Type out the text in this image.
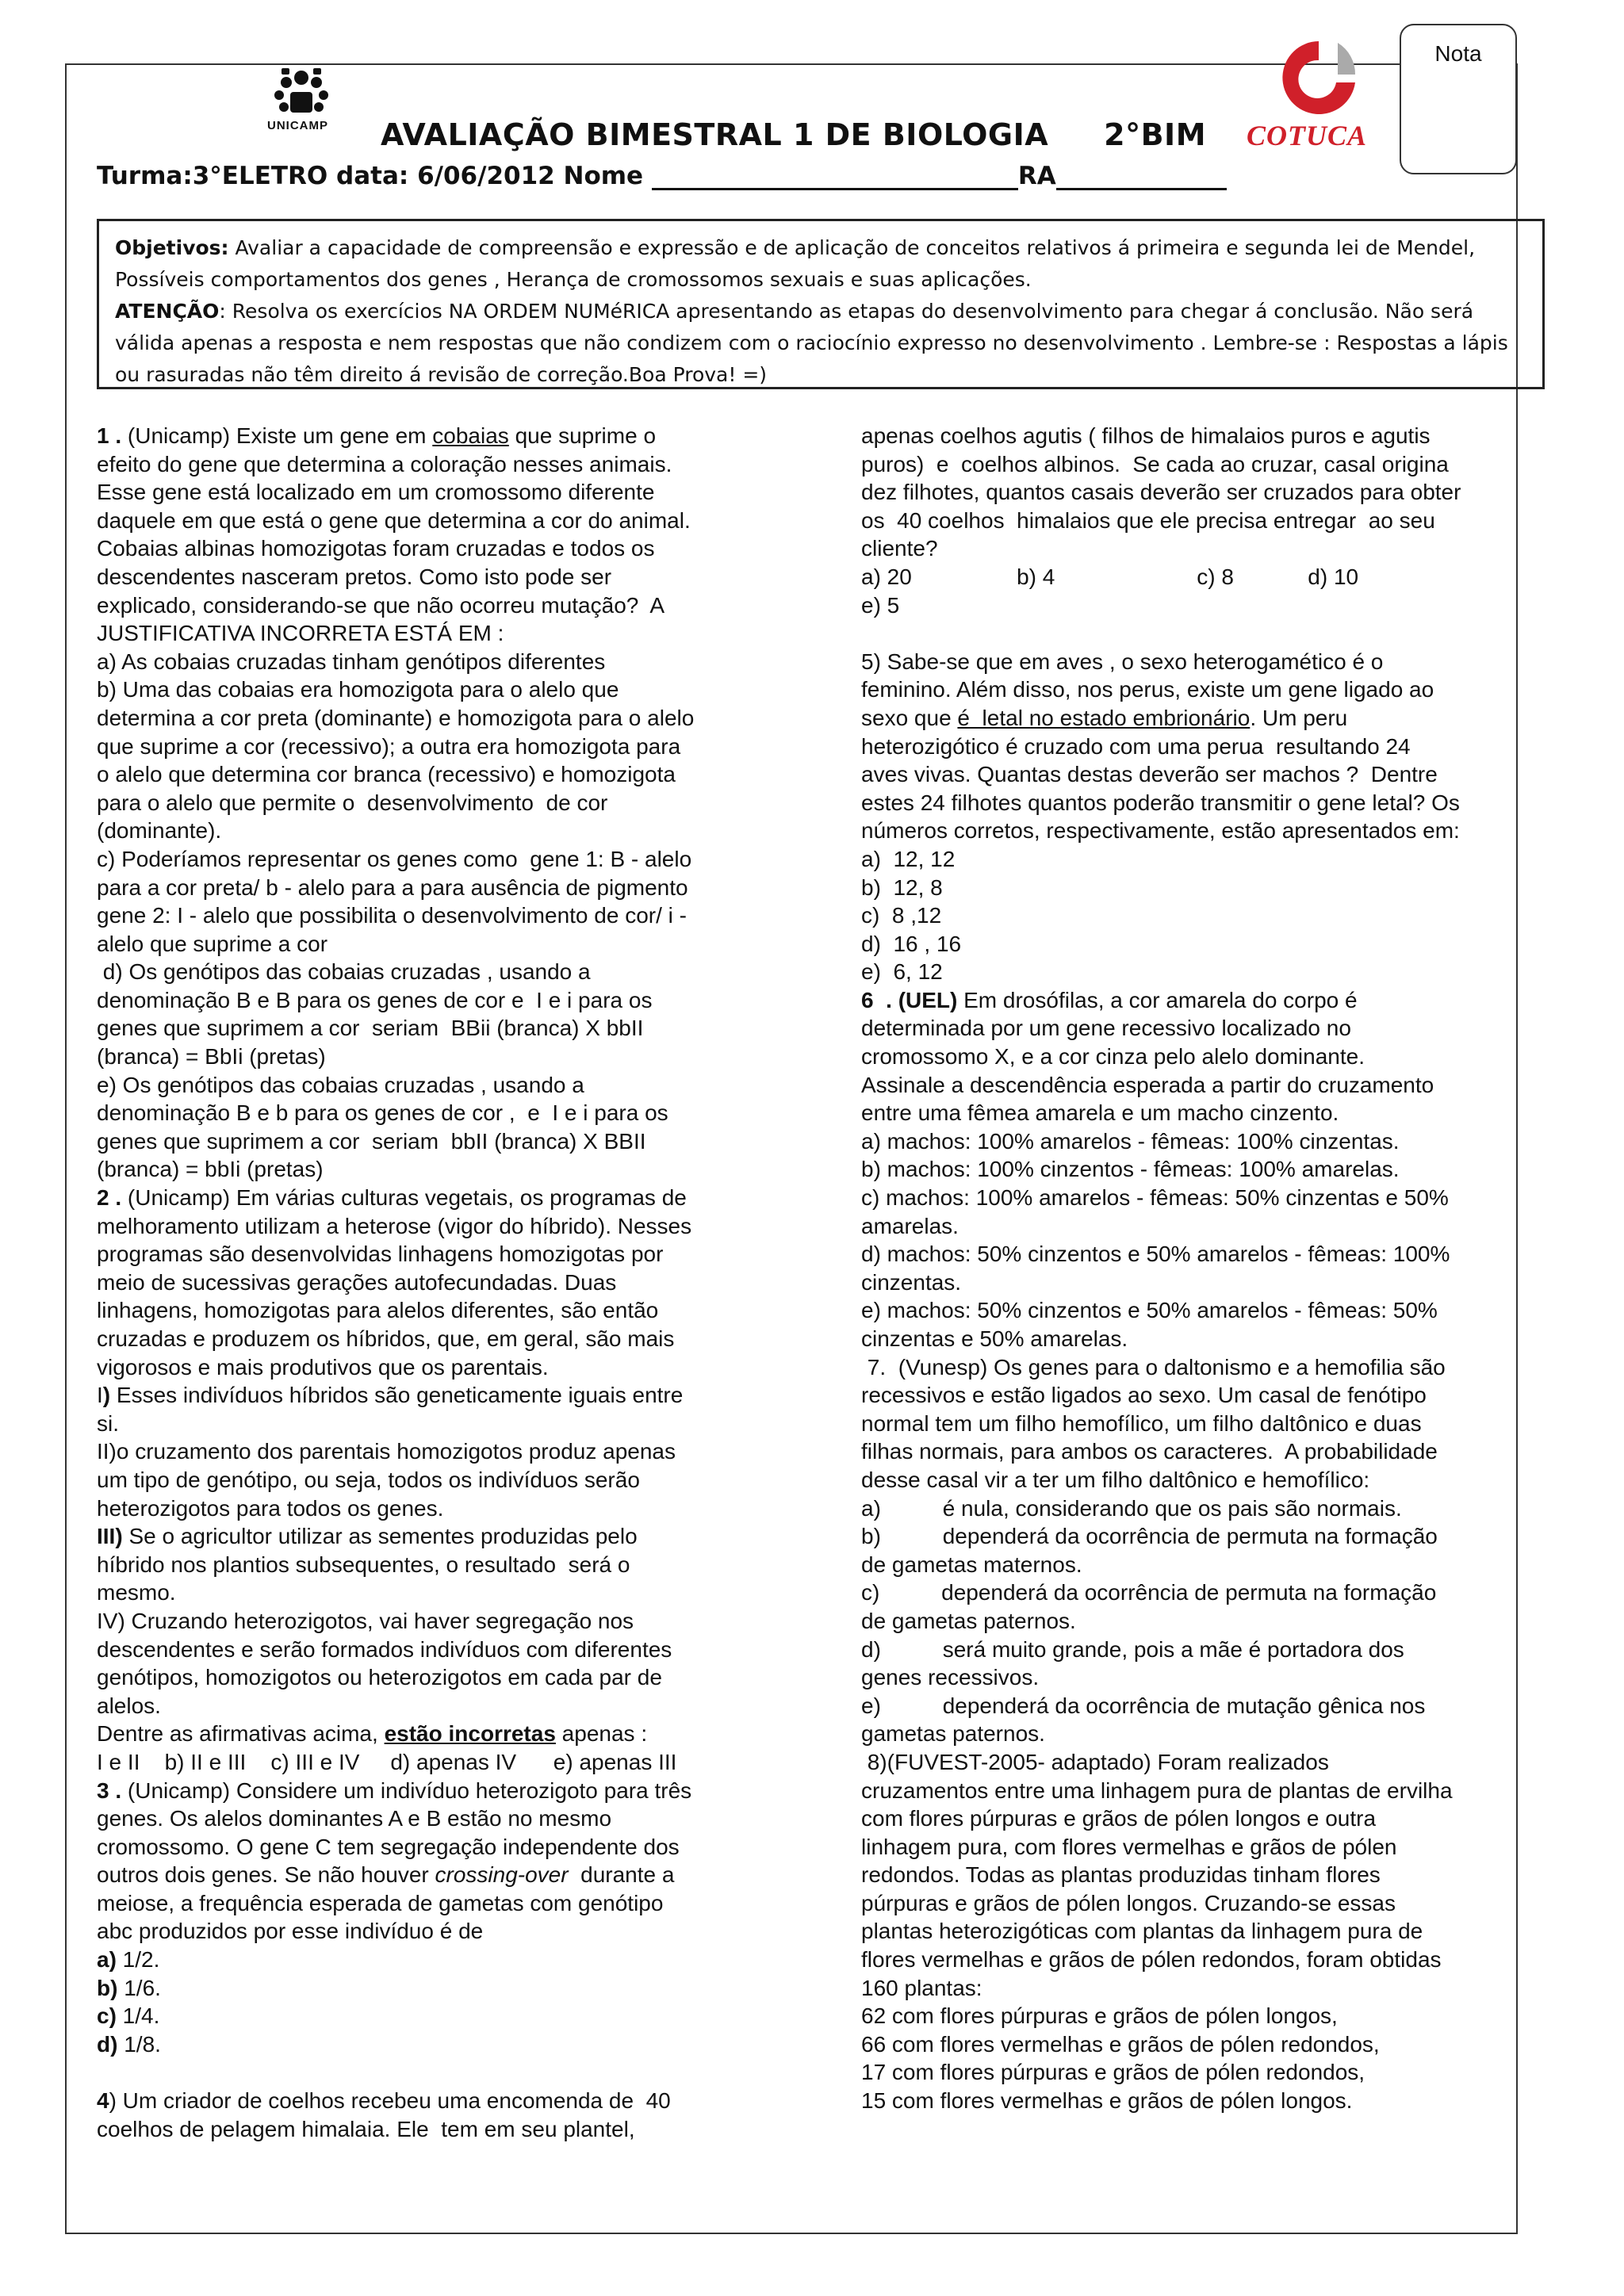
Nota
UNICAMP AVALIAÇÃO BIMESTRAL 1 DE BIOLOGIA 2°BIM COTUCA
Turma:3°ELETRO data: 6/06/2012 Nome	RA

Objetivos: Avaliar a capacidade de compreensão e expressão e de aplicação de conceitos relativos á primeira e segunda lei de Mendel,

Possíveis comportamentos dos genes , Herança de cromossomos sexuais e suas aplicações.

ATENÇÃO: Resolva os exercícios NA ORDEM NUMéRICA apresentando as etapas do desenvolvimento para chegar á conclusão. Não será

válida apenas a resposta e nem respostas que não condizem com o raciocínio expresso no desenvolvimento . Lembre-se : Respostas a lápis

ou rasuradas não têm direito á revisão de correção.Boa Prova! =)

1 . (Unicamp) Existe um gene em cobaias que suprime o

efeito do gene que determina a coloração nesses animais.

Esse gene está localizado em um cromossomo diferente

daquele em que está o gene que determina a cor do animal.

Cobaias albinas homozigotas foram cruzadas e todos os

descendentes nasceram pretos. Como isto pode ser

explicado, considerando-se que não ocorreu mutação?  A

JUSTIFICATIVA INCORRETA ESTÁ EM :

a) As cobaias cruzadas tinham genótipos diferentes

b) Uma das cobaias era homozigota para o alelo que

determina a cor preta (dominante) e homozigota para o alelo

que suprime a cor (recessivo); a outra era homozigota para

o alelo que determina cor branca (recessivo) e homozigota

para o alelo que permite o  desenvolvimento  de cor

(dominante).

c) Poderíamos representar os genes como  gene 1: B - alelo

para a cor preta/ b - alelo para a para ausência de pigmento

gene 2: I - alelo que possibilita o desenvolvimento de cor/ i -

alelo que suprime a cor

d) Os genótipos das cobaias cruzadas , usando a

denominação B e B para os genes de cor e  I e i para os

genes que suprimem a cor  seriam  BBii (branca) X bbII

(branca) = BbIi (pretas)

e) Os genótipos das cobaias cruzadas , usando a

denominação B e b para os genes de cor ,  e  I e i para os

genes que suprimem a cor  seriam  bbII (branca) X BBII

(branca) = bbIi (pretas)

2 . (Unicamp) Em várias culturas vegetais, os programas de

melhoramento utilizam a heterose (vigor do híbrido). Nesses

programas são desenvolvidas linhagens homozigotas por

meio de sucessivas gerações autofecundadas. Duas

linhagens, homozigotas para alelos diferentes, são então

cruzadas e produzem os híbridos, que, em geral, são mais

vigorosos e mais produtivos que os parentais.

I) Esses indivíduos híbridos são geneticamente iguais entre

si.

II)o cruzamento dos parentais homozigotos produz apenas

um tipo de genótipo, ou seja, todos os indivíduos serão

heterozigotos para todos os genes.

III) Se o agricultor utilizar as sementes produzidas pelo

híbrido nos plantios subsequentes, o resultado  será o

mesmo.

IV) Cruzando heterozigotos, vai haver segregação nos

descendentes e serão formados indivíduos com diferentes

genótipos, homozigotos ou heterozigotos em cada par de

alelos.

Dentre as afirmativas acima, estão incorretas apenas :

I e II    b) II e III    c) III e IV     d) apenas IV      e) apenas III

3 . (Unicamp) Considere um indivíduo heterozigoto para três

genes. Os alelos dominantes A e B estão no mesmo

cromossomo. O gene C tem segregação independente dos

outros dois genes. Se não houver crossing-over  durante a

meiose, a frequência esperada de gametas com genótipo

abc produzidos por esse indivíduo é de

a) 1/2.

b) 1/6.

c) 1/4.

d) 1/8.

4) Um criador de coelhos recebeu uma encomenda de  40

coelhos de pelagem himalaia. Ele  tem em seu plantel,

apenas coelhos agutis ( filhos de himalaios puros e agutis

puros)  e  coelhos albinos.  Se cada ao cruzar, casal origina

dez filhotes, quantos casais deverão ser cruzados para obter

os  40 coelhos  himalaios que ele precisa entregar  ao seu

cliente?

a) 20                 b) 4                       c) 8            d) 10

e) 5

5) Sabe-se que em aves , o sexo heterogamético é o

feminino. Além disso, nos perus, existe um gene ligado ao

sexo que é  letal no estado embrionário. Um peru

heterozigótico é cruzado com uma perua  resultando 24

aves vivas. Quantas destas deverão ser machos ?  Dentre

estes 24 filhotes quantos poderão transmitir o gene letal? Os

números corretos, respectivamente, estão apresentados em:

a)  12, 12

b)  12, 8

c)  8 ,12

d)  16 , 16

e)  6, 12

6  . (UEL) Em drosófilas, a cor amarela do corpo é

determinada por um gene recessivo localizado no

cromossomo X, e a cor cinza pelo alelo dominante.

Assinale a descendência esperada a partir do cruzamento

entre uma fêmea amarela e um macho cinzento.

a) machos: 100% amarelos - fêmeas: 100% cinzentas.

b) machos: 100% cinzentos - fêmeas: 100% amarelas.

c) machos: 100% amarelos - fêmeas: 50% cinzentas e 50%

amarelas.

d) machos: 50% cinzentos e 50% amarelos - fêmeas: 100%

cinzentas.

e) machos: 50% cinzentos e 50% amarelos - fêmeas: 50%

cinzentas e 50% amarelas.

7.  (Vunesp) Os genes para o daltonismo e a hemofilia são

recessivos e estão ligados ao sexo. Um casal de fenótipo

normal tem um filho hemofílico, um filho daltônico e duas

filhas normais, para ambos os caracteres.  A probabilidade

desse casal vir a ter um filho daltônico e hemofílico:

a)          é nula, considerando que os pais são normais.

b)          dependerá da ocorrência de permuta na formação

de gametas maternos.

c)          dependerá da ocorrência de permuta na formação

de gametas paternos.

d)          será muito grande, pois a mãe é portadora dos

genes recessivos.

e)          dependerá da ocorrência de mutação gênica nos

gametas paternos.

8)(FUVEST-2005- adaptado) Foram realizados

cruzamentos entre uma linhagem pura de plantas de ervilha

com flores púrpuras e grãos de pólen longos e outra

linhagem pura, com flores vermelhas e grãos de pólen

redondos. Todas as plantas produzidas tinham flores

púrpuras e grãos de pólen longos. Cruzando-se essas

plantas heterozigóticas com plantas da linhagem pura de

flores vermelhas e grãos de pólen redondos, foram obtidas

160 plantas:

62 com flores púrpuras e grãos de pólen longos,

66 com flores vermelhas e grãos de pólen redondos,

17 com flores púrpuras e grãos de pólen redondos,

15 com flores vermelhas e grãos de pólen longos.
